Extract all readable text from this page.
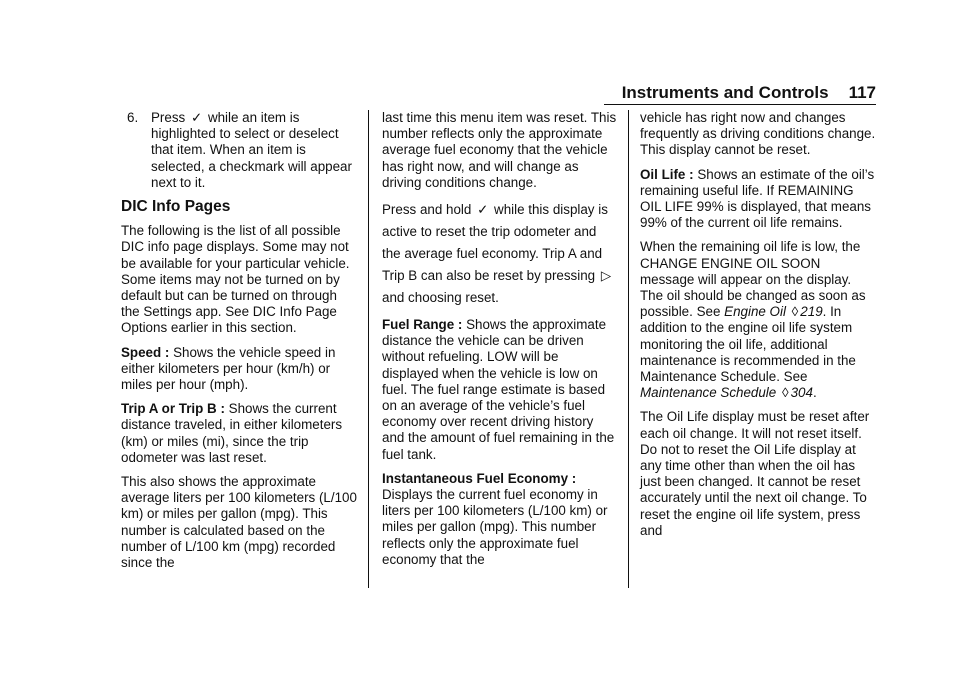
Instruments and Controls 117
6. Press ✓ while an item is highlighted to select or deselect that item. When an item is selected, a checkmark will appear next to it.
DIC Info Pages

The following is the list of all possible DIC info page displays. Some may not be available for your particular vehicle. Some items may not be turned on by default but can be turned on through the Settings app. See DIC Info Page Options earlier in this section.

Speed : Shows the vehicle speed in either kilometers per hour (km/h) or miles per hour (mph).

Trip A or Trip B : Shows the current distance traveled, in either kilometers (km) or miles (mi), since the trip odometer was last reset.

This also shows the approximate average liters per 100 kilometers (L/100 km) or miles per gallon (mpg). This number is calculated based on the number of L/100 km (mpg) recorded since the

last time this menu item was reset. This number reflects only the approximate average fuel economy that the vehicle has right now, and will change as driving conditions change.

Press and hold ✓ while this display is active to reset the trip odometer and the average fuel economy. Trip A and Trip B can also be reset by pressing ▷ and choosing reset.

Fuel Range : Shows the approximate distance the vehicle can be driven without refueling. LOW will be displayed when the vehicle is low on fuel. The fuel range estimate is based on an average of the vehicle’s fuel economy over recent driving history and the amount of fuel remaining in the fuel tank.

Instantaneous Fuel Economy : Displays the current fuel economy in liters per 100 kilometers (L/100 km) or miles per gallon (mpg). This number reflects only the approximate fuel economy that the

vehicle has right now and changes frequently as driving conditions change. This display cannot be reset.

Oil Life : Shows an estimate of the oil’s remaining useful life. If REMAINING OIL LIFE 99% is displayed, that means 99% of the current oil life remains.

When the remaining oil life is low, the CHANGE ENGINE OIL SOON message will appear on the display. The oil should be changed as soon as possible. See Engine Oil ◊ 219. In addition to the engine oil life system monitoring the oil life, additional maintenance is recommended in the Maintenance Schedule. See Maintenance Schedule ◊ 304.

The Oil Life display must be reset after each oil change. It will not reset itself. Do not to reset the Oil Life display at any time other than when the oil has just been changed. It cannot be reset accurately until the next oil change. To reset the engine oil life system, press and
